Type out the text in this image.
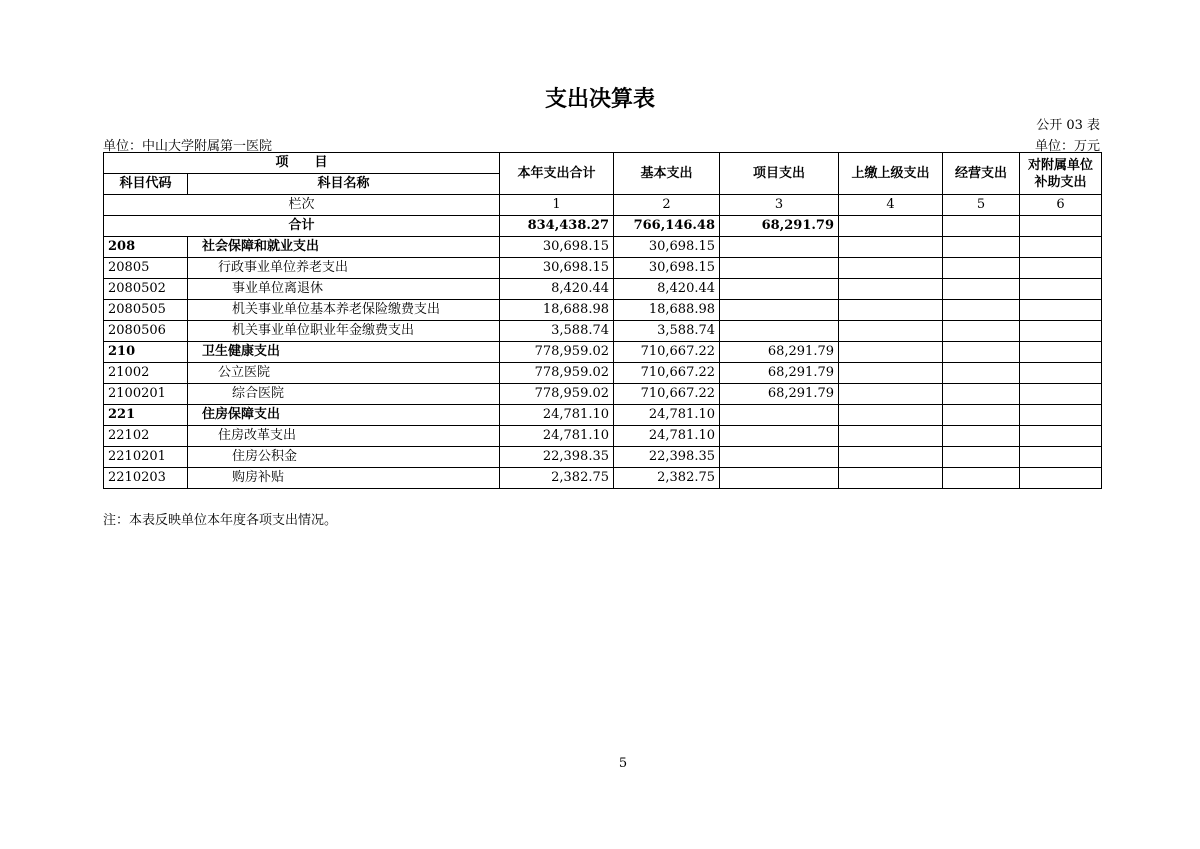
支出决算表
公开 03 表
单位：中山大学附属第一医院	单位：万元
项　　目		本年支出合计	基本支出	项目支出	上缴上级支出	经营支出	对附属单位
补助支出

科目代码	科目名称						
栏次		1	2	3	4	5	6
合计		834,438.27	766,146.48	68,291.79			
208	社会保障和就业支出	30,698.15	30,698.15				
20805	行政事业单位养老支出	30,698.15	30,698.15				
2080502	事业单位离退休	8,420.44	8,420.44				
2080505	机关事业单位基本养老保险缴费支出	18,688.98	18,688.98				
2080506	机关事业单位职业年金缴费支出	3,588.74	3,588.74				
210	卫生健康支出	778,959.02	710,667.22	68,291.79			
21002	公立医院	778,959.02	710,667.22	68,291.79			
2100201	综合医院	778,959.02	710,667.22	68,291.79			
221	住房保障支出	24,781.10	24,781.10				
22102	住房改革支出	24,781.10	24,781.10				
2210201	住房公积金	22,398.35	22,398.35				
2210203	购房补贴	2,382.75	2,382.75				
注：本表反映单位本年度各项支出情况。
5
